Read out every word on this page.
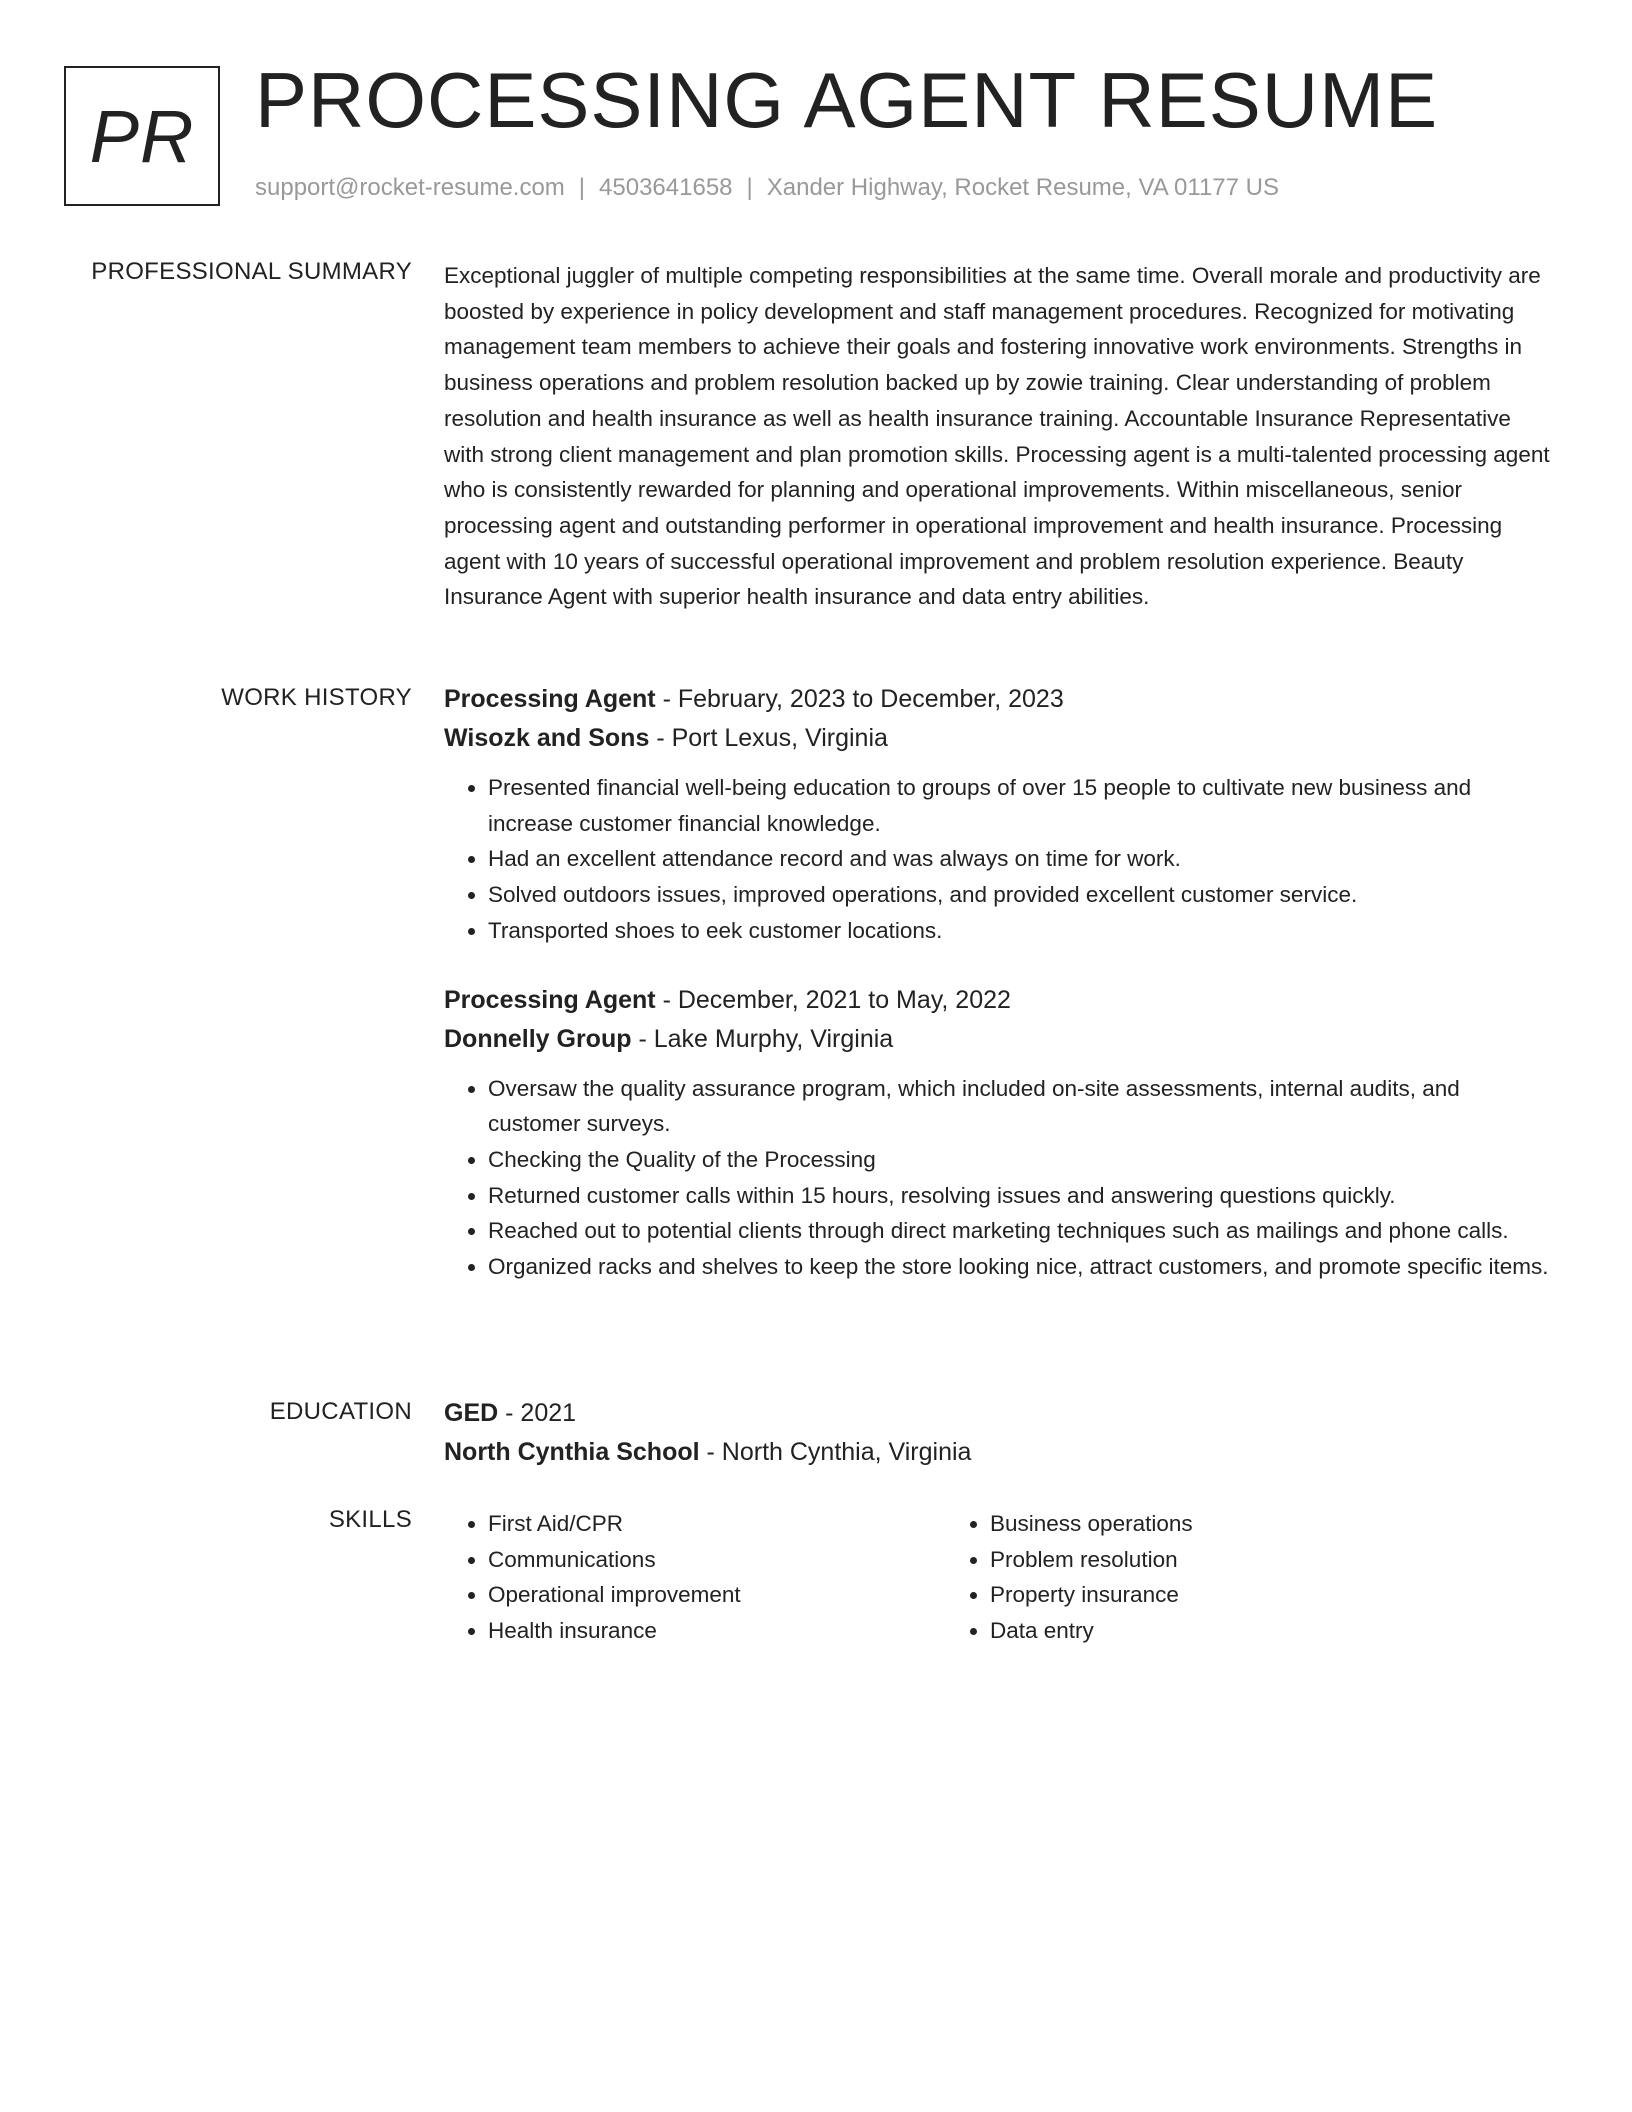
PR PROCESSING AGENT RESUME
support@rocket-resume.com | 4503641658 | Xander Highway, Rocket Resume, VA 01177 US
PROFESSIONAL SUMMARY Exceptional juggler of multiple competing responsibilities at the same time. Overall morale and productivity are boosted by experience in policy development and staff management procedures. Recognized for motivating management team members to achieve their goals and fostering innovative work environments. Strengths in business operations and problem resolution backed up by zowie training. Clear understanding of problem resolution and health insurance as well as health insurance training. Accountable Insurance Representative with strong client management and plan promotion skills. Processing agent is a multi-talented processing agent who is consistently rewarded for planning and operational improvements. Within miscellaneous, senior processing agent and outstanding performer in operational improvement and health insurance. Processing agent with 10 years of successful operational improvement and problem resolution experience. Beauty Insurance Agent with superior health insurance and data entry abilities.

WORK HISTORY Processing Agent - February, 2023 to December, 2023
Wisozk and Sons - Port Lexus, Virginia
• Presented financial well-being education to groups of over 15 people to cultivate new business and increase customer financial knowledge.
• Had an excellent attendance record and was always on time for work.
• Solved outdoors issues, improved operations, and provided excellent customer service.
• Transported shoes to eek customer locations.
Processing Agent - December, 2021 to May, 2022
Donnelly Group - Lake Murphy, Virginia
• Oversaw the quality assurance program, which included on-site assessments, internal audits, and customer surveys.
• Checking the Quality of the Processing
• Returned customer calls within 15 hours, resolving issues and answering questions quickly.
• Reached out to potential clients through direct marketing techniques such as mailings and phone calls.
• Organized racks and shelves to keep the store looking nice, attract customers, and promote specific items.
EDUCATION GED - 2021
North Cynthia School - North Cynthia, Virginia
SKILLS
•	First Aid/CPR
• Communications
• Operational improvement
• Health insurance
• Business operations
• Problem resolution
• Property insurance
• Data entry
